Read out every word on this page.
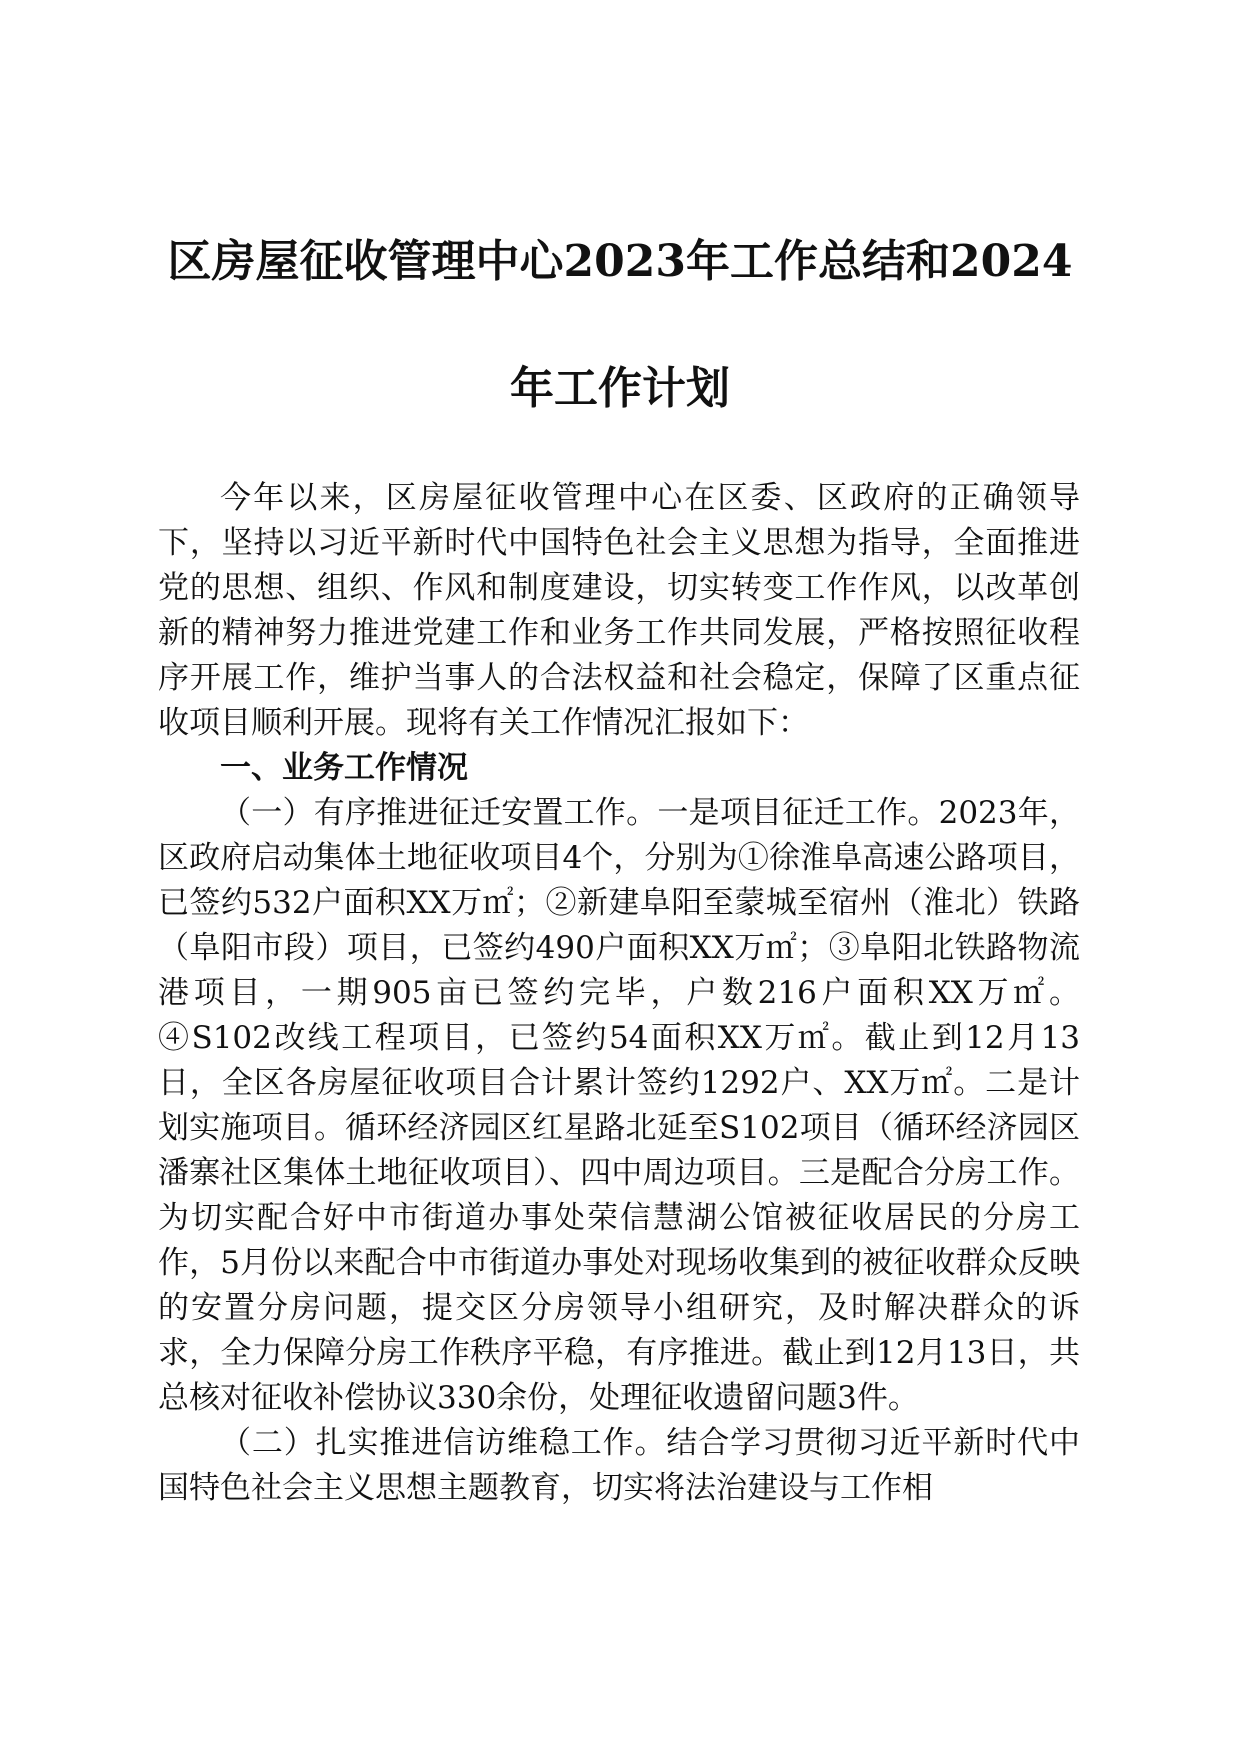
区房屋征收管理中心2023年工作总结和2024
年工作计划

今年以来，区房屋征收管理中心在区委、区政府的正确领导下，坚持以习近平新时代中国特色社会主义思想为指导，全面推进党的思想、组织、作风和制度建设，切实转变工作作风，以改革创新的精神努力推进党建工作和业务工作共同发展，严格按照征收程序开展工作，维护当事人的合法权益和社会稳定，保障了区重点征收项目顺利开展。现将有关工作情况汇报如下：

一、业务工作情况

（一）有序推进征迁安置工作。一是项目征迁工作。2023年，区政府启动集体土地征收项目4个，分别为①徐淮阜高速公路项目，已签约532户面积XX万㎡；②新建阜阳至蒙城至宿州（淮北）铁路（阜阳市段）项目，已签约490户面积XX万㎡；③阜阳北铁路物流港项目，一期905亩已签约完毕，户数216户面积XX万㎡。④S102改线工程项目，已签约54面积XX万㎡。截止到12月13日，全区各房屋征收项目合计累计签约1292户、XX万㎡。二是计划实施项目。循环经济园区红星路北延至S102项目（循环经济园区潘寨社区集体土地征收项目）、四中周边项目。三是配合分房工作。为切实配合好中市街道办事处荣信慧湖公馆被征收居民的分房工作，5月份以来配合中市街道办事处对现场收集到的被征收群众反映的安置分房问题，提交区分房领导小组研究，及时解决群众的诉求，全力保障分房工作秩序平稳，有序推进。截止到12月13日，共总核对征收补偿协议330余份，处理征收遗留问题3件。

（二）扎实推进信访维稳工作。结合学习贯彻习近平新时代中国特色社会主义思想主题教育，切实将法治建设与工作相
